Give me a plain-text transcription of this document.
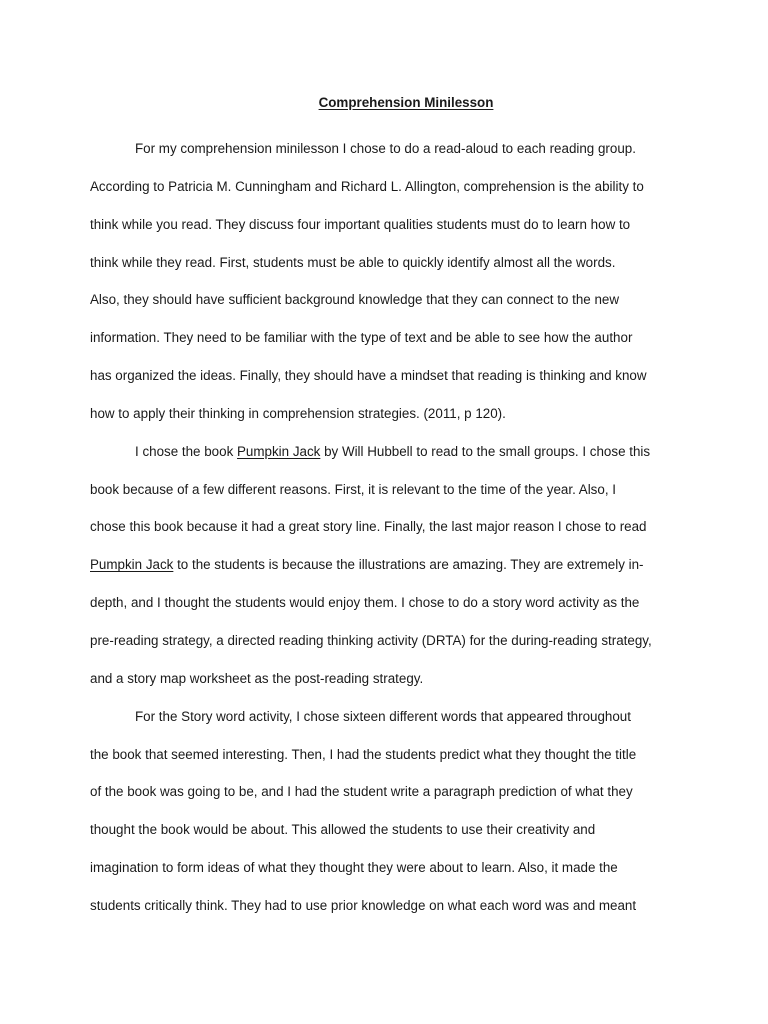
Comprehension Minilesson

For my comprehension minilesson I chose to do a read-aloud to each reading group.
According to Patricia M. Cunningham and Richard L. Allington, comprehension is the ability to
think while you read. They discuss four important qualities students must do to learn how to
think while they read. First, students must be able to quickly identify almost all the words.
Also, they should have sufficient background knowledge that they can connect to the new
information. They need to be familiar with the type of text and be able to see how the author
has organized the ideas. Finally, they should have a mindset that reading is thinking and know
how to apply their thinking in comprehension strategies. (2011, p 120).

I chose the book Pumpkin Jack by Will Hubbell to read to the small groups. I chose this
book because of a few different reasons. First, it is relevant to the time of the year. Also, I
chose this book because it had a great story line. Finally, the last major reason I chose to read
Pumpkin Jack to the students is because the illustrations are amazing. They are extremely in-
depth, and I thought the students would enjoy them. I chose to do a story word activity as the
pre-reading strategy, a directed reading thinking activity (DRTA) for the during-reading strategy,
and a story map worksheet as the post-reading strategy.

For the Story word activity, I chose sixteen different words that appeared throughout
the book that seemed interesting. Then, I had the students predict what they thought the title
of the book was going to be, and I had the student write a paragraph prediction of what they
thought the book would be about. This allowed the students to use their creativity and
imagination to form ideas of what they thought they were about to learn. Also, it made the
students critically think. They had to use prior knowledge on what each word was and meant
